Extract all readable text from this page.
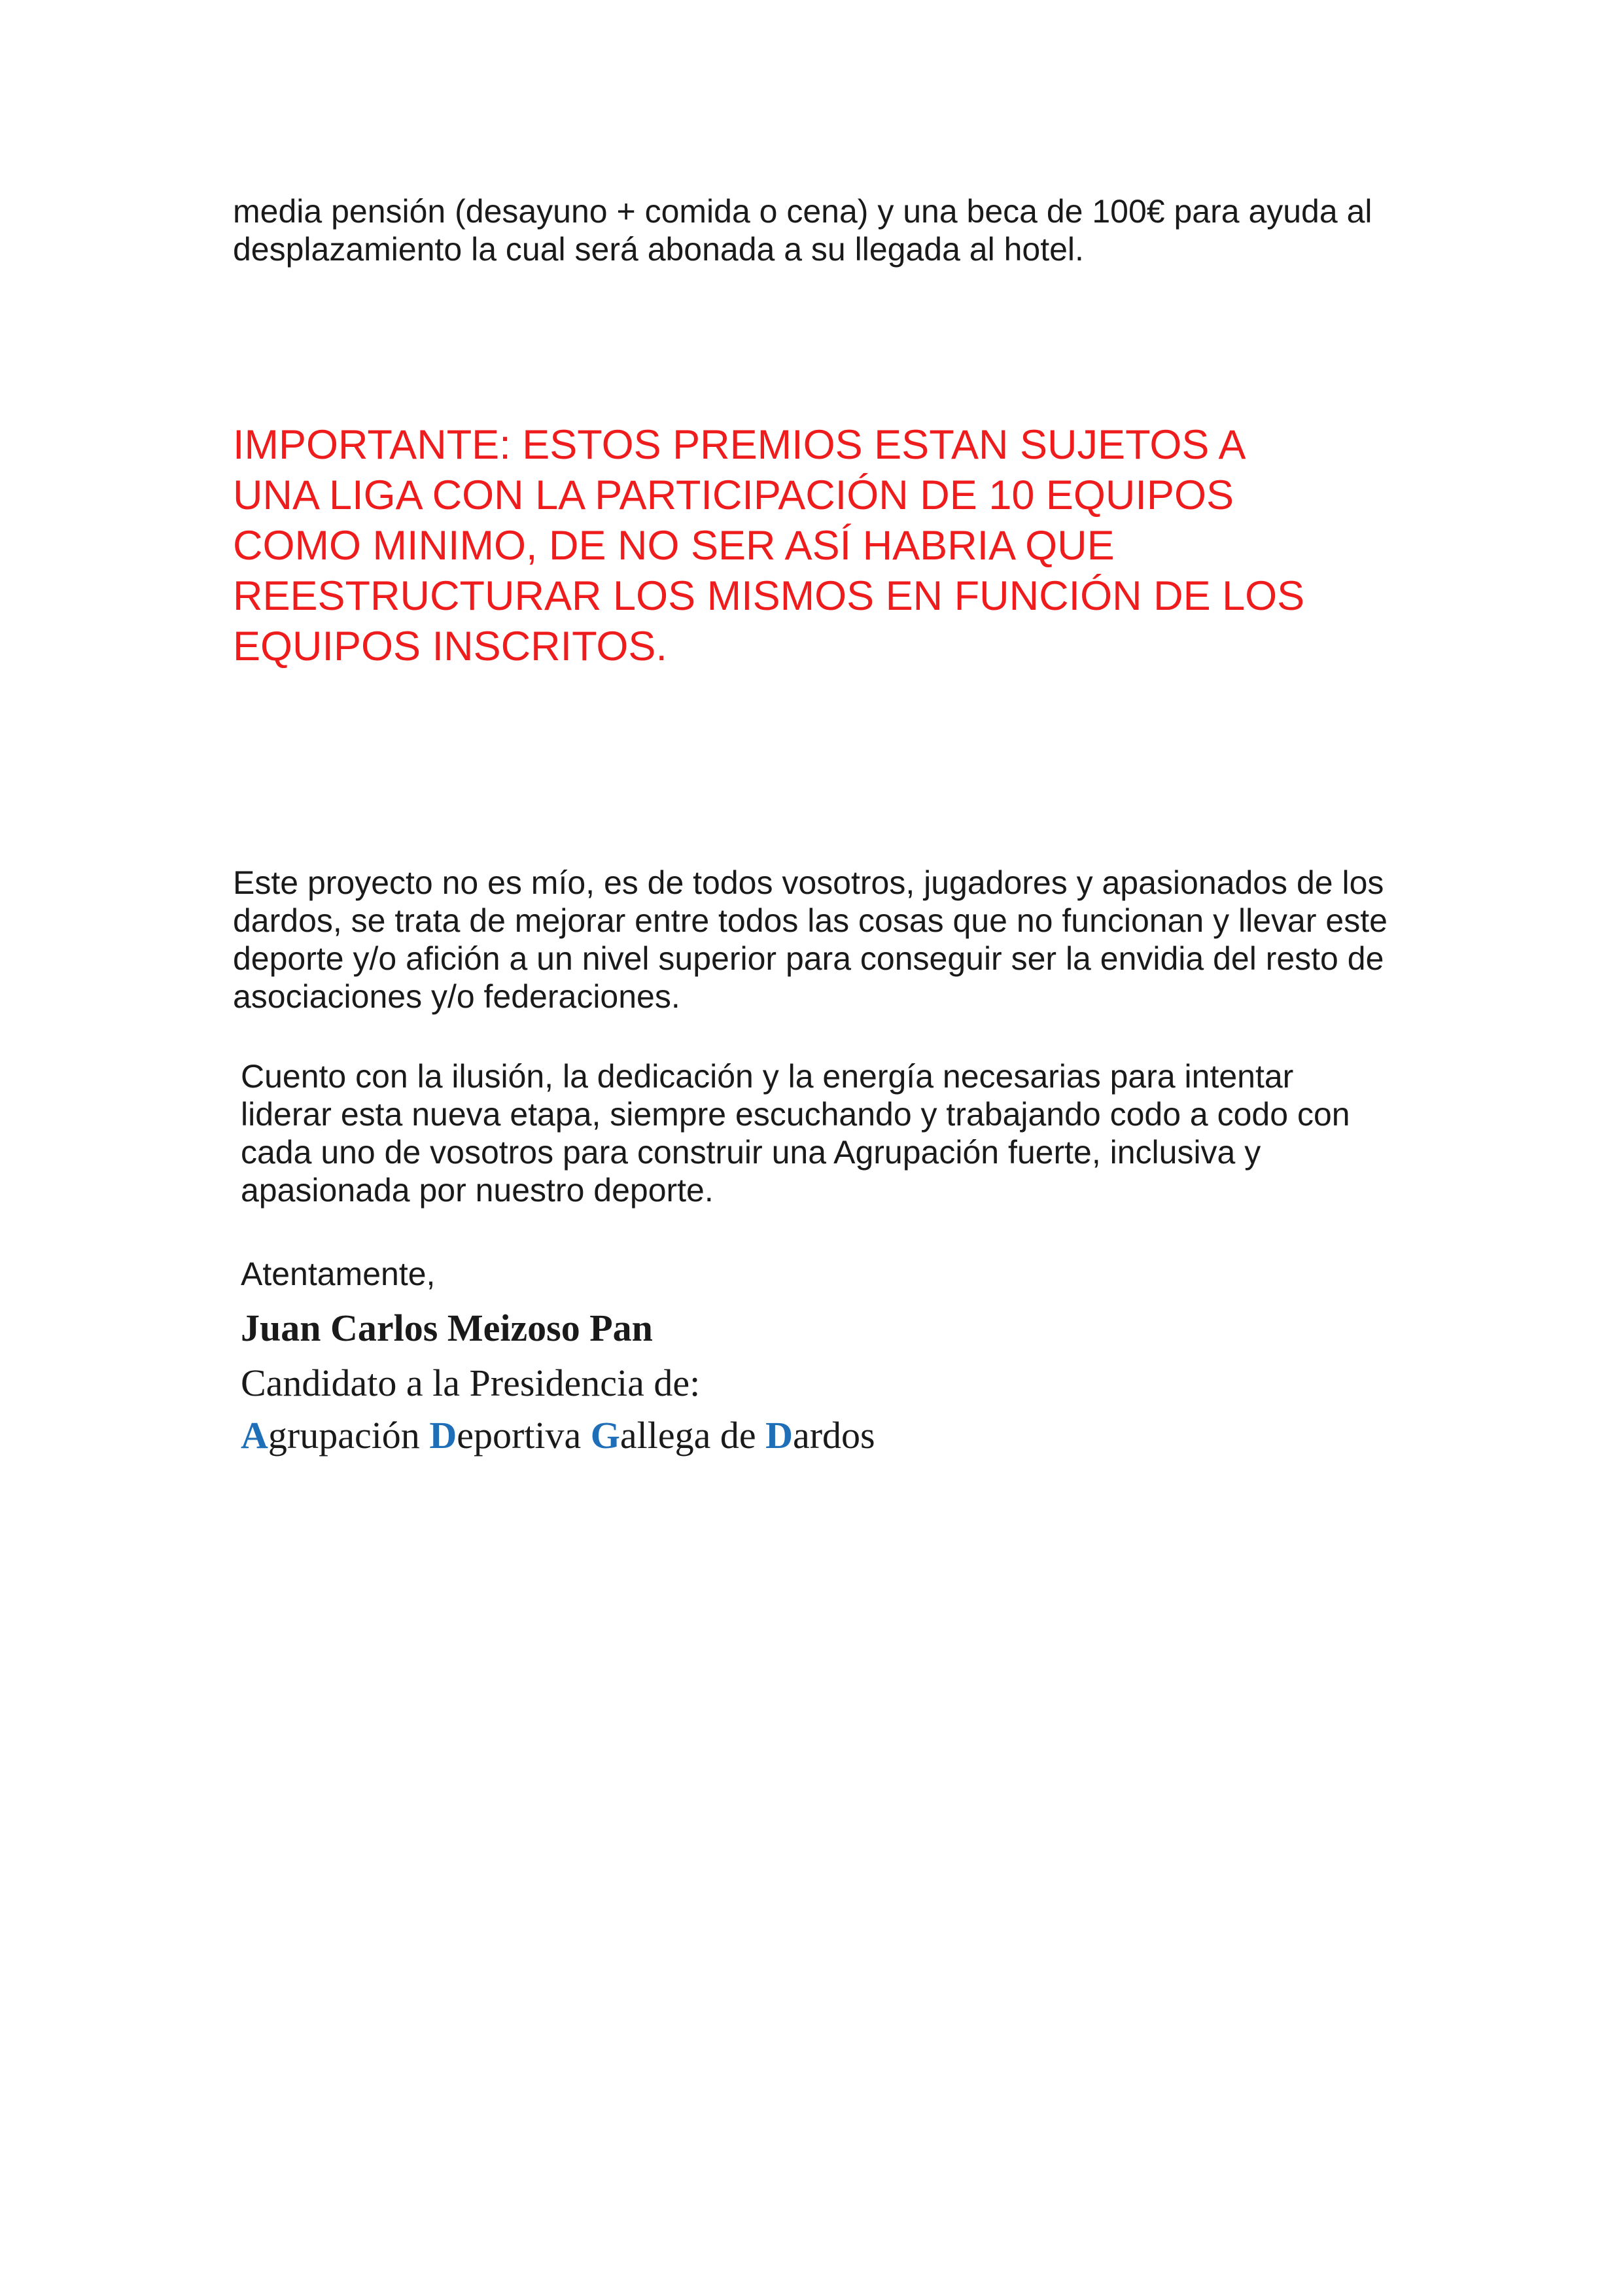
media pensión (desayuno + comida o cena) y una beca de 100€ para ayuda al
desplazamiento la cual será abonada a su llegada al hotel.

IMPORTANTE: ESTOS PREMIOS ESTAN SUJETOS A
UNA LIGA CON LA PARTICIPACIÓN DE 10 EQUIPOS
COMO MINIMO, DE NO SER ASÍ HABRIA QUE
REESTRUCTURAR LOS MISMOS EN FUNCIÓN DE LOS
EQUIPOS INSCRITOS.

Este proyecto no es mío, es de todos vosotros, jugadores y apasionados de los
dardos, se trata de mejorar entre todos las cosas que no funcionan y llevar este
deporte y/o afición a un nivel superior para conseguir ser la envidia del resto de
asociaciones y/o federaciones.

Cuento con la ilusión, la dedicación y la energía necesarias para intentar
liderar esta nueva etapa, siempre escuchando y trabajando codo a codo con
cada uno de vosotros para construir una Agrupación fuerte, inclusiva y
apasionada por nuestro deporte.

Atentamente,

Juan Carlos Meizoso Pan

Candidato a la Presidencia de:

Agrupación Deportiva Gallega de Dardos
